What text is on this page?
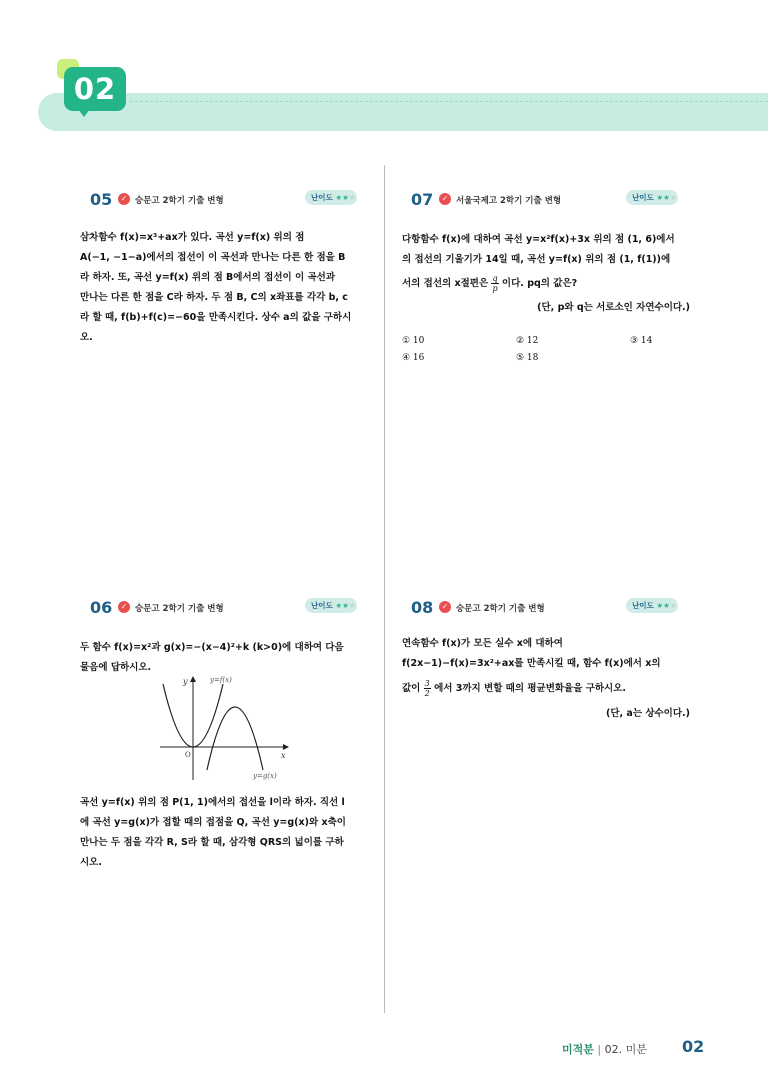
02
05	✓ 숭문고 2학기 기출 변형	난이도 ★★★
삼차함수 f(x)=x³+ax가 있다. 곡선 y=f(x) 위의 점
A(−1, −1−a)에서의 접선이 이 곡선과 만나는 다른 한 점을 B
라 하자. 또, 곡선 y=f(x) 위의 점 B에서의 접선이 이 곡선과
만나는 다른 한 점을 C라 하자. 두 점 B, C의 x좌표를 각각 b, c
라 할 때, f(b)+f(c)=−60을 만족시킨다. 상수 a의 값을 구하시
오.
07	✓ 서울국제고 2학기 기출 변형	난이도 ★★★
다항함수 f(x)에 대하여 곡선 y=x²f(x)+3x 위의 점 (1, 6)에서
의 접선의 기울기가 14일 때, 곡선 y=f(x) 위의 점 (1, f(1))에
서의 접선의 x절편은 $\frac{q}{p}$ 이다. pq의 값은?
(단, p와 q는 서로소인 자연수이다.)
① 10	② 12	③ 14
④ 16	⑤ 18
06	✓ 숭문고 2학기 기출 변형	난이도 ★★★
두 함수 f(x)=x²과 g(x)=−(x−4)²+k (k>0)에 대하여 다음
물음에 답하시오.
y
x
O
y=f(x)
y=g(x)
곡선 y=f(x) 위의 점 P(1, 1)에서의 접선을 l이라 하자. 직선 l
에 곡선 y=g(x)가 접할 때의 접점을 Q, 곡선 y=g(x)와 x축이
만나는 두 점을 각각 R, S라 할 때, 삼각형 QRS의 넓이를 구하
시오.
08	✓ 숭문고 2학기 기출 변형	난이도 ★★★
연속함수 f(x)가 모든 실수 x에 대하여
f(2x−1)−f(x)=3x²+ax를 만족시킬 때, 함수 f(x)에서 x의
값이 $\frac{3}{2}$ 에서 3까지 변할 때의 평균변화율을 구하시오.
(단, a는 상수이다.)
미적분 | 02. 미분 02
